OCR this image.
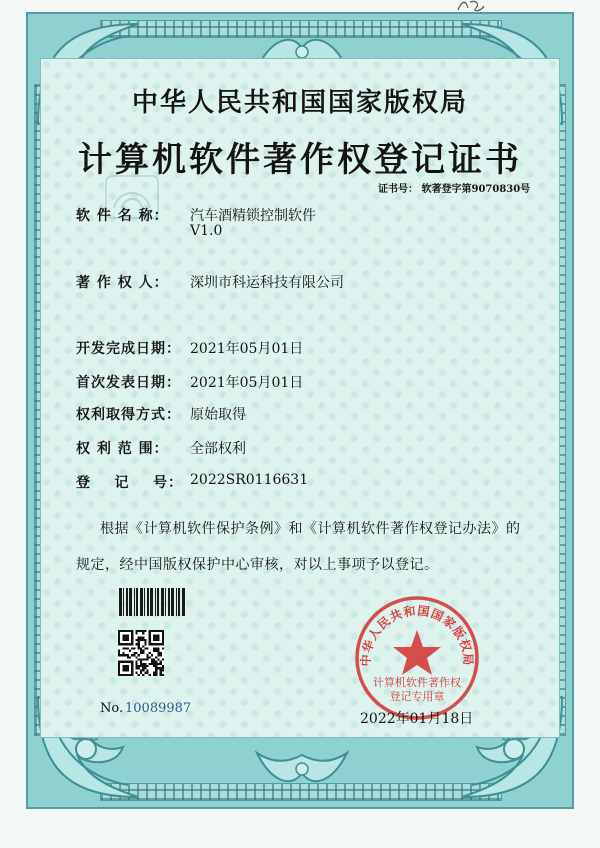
中华人民共和国国家版权局
计算机软件著作权登记证书
证书号： 软著登字第9070830号
软 件 名 称： 汽车酒精锁控制软件
V1.0
著 作 权 人： 深圳市科运科技有限公司
开发完成日期： 2021年05月01日
首次发表日期： 2021年05月01日
权利取得方式： 原始取得
权 利 范 围： 全部权利
登    记    号： 2022SR0116631
根据《计算机软件保护条例》和《计算机软件著作权登记办法》的
规定，经中国版权保护中心审核，对以上事项予以登记。
No. 10089987
中华人民共和国国家版权局
计算机软件著作权
登记专用章
2022年01月18日
